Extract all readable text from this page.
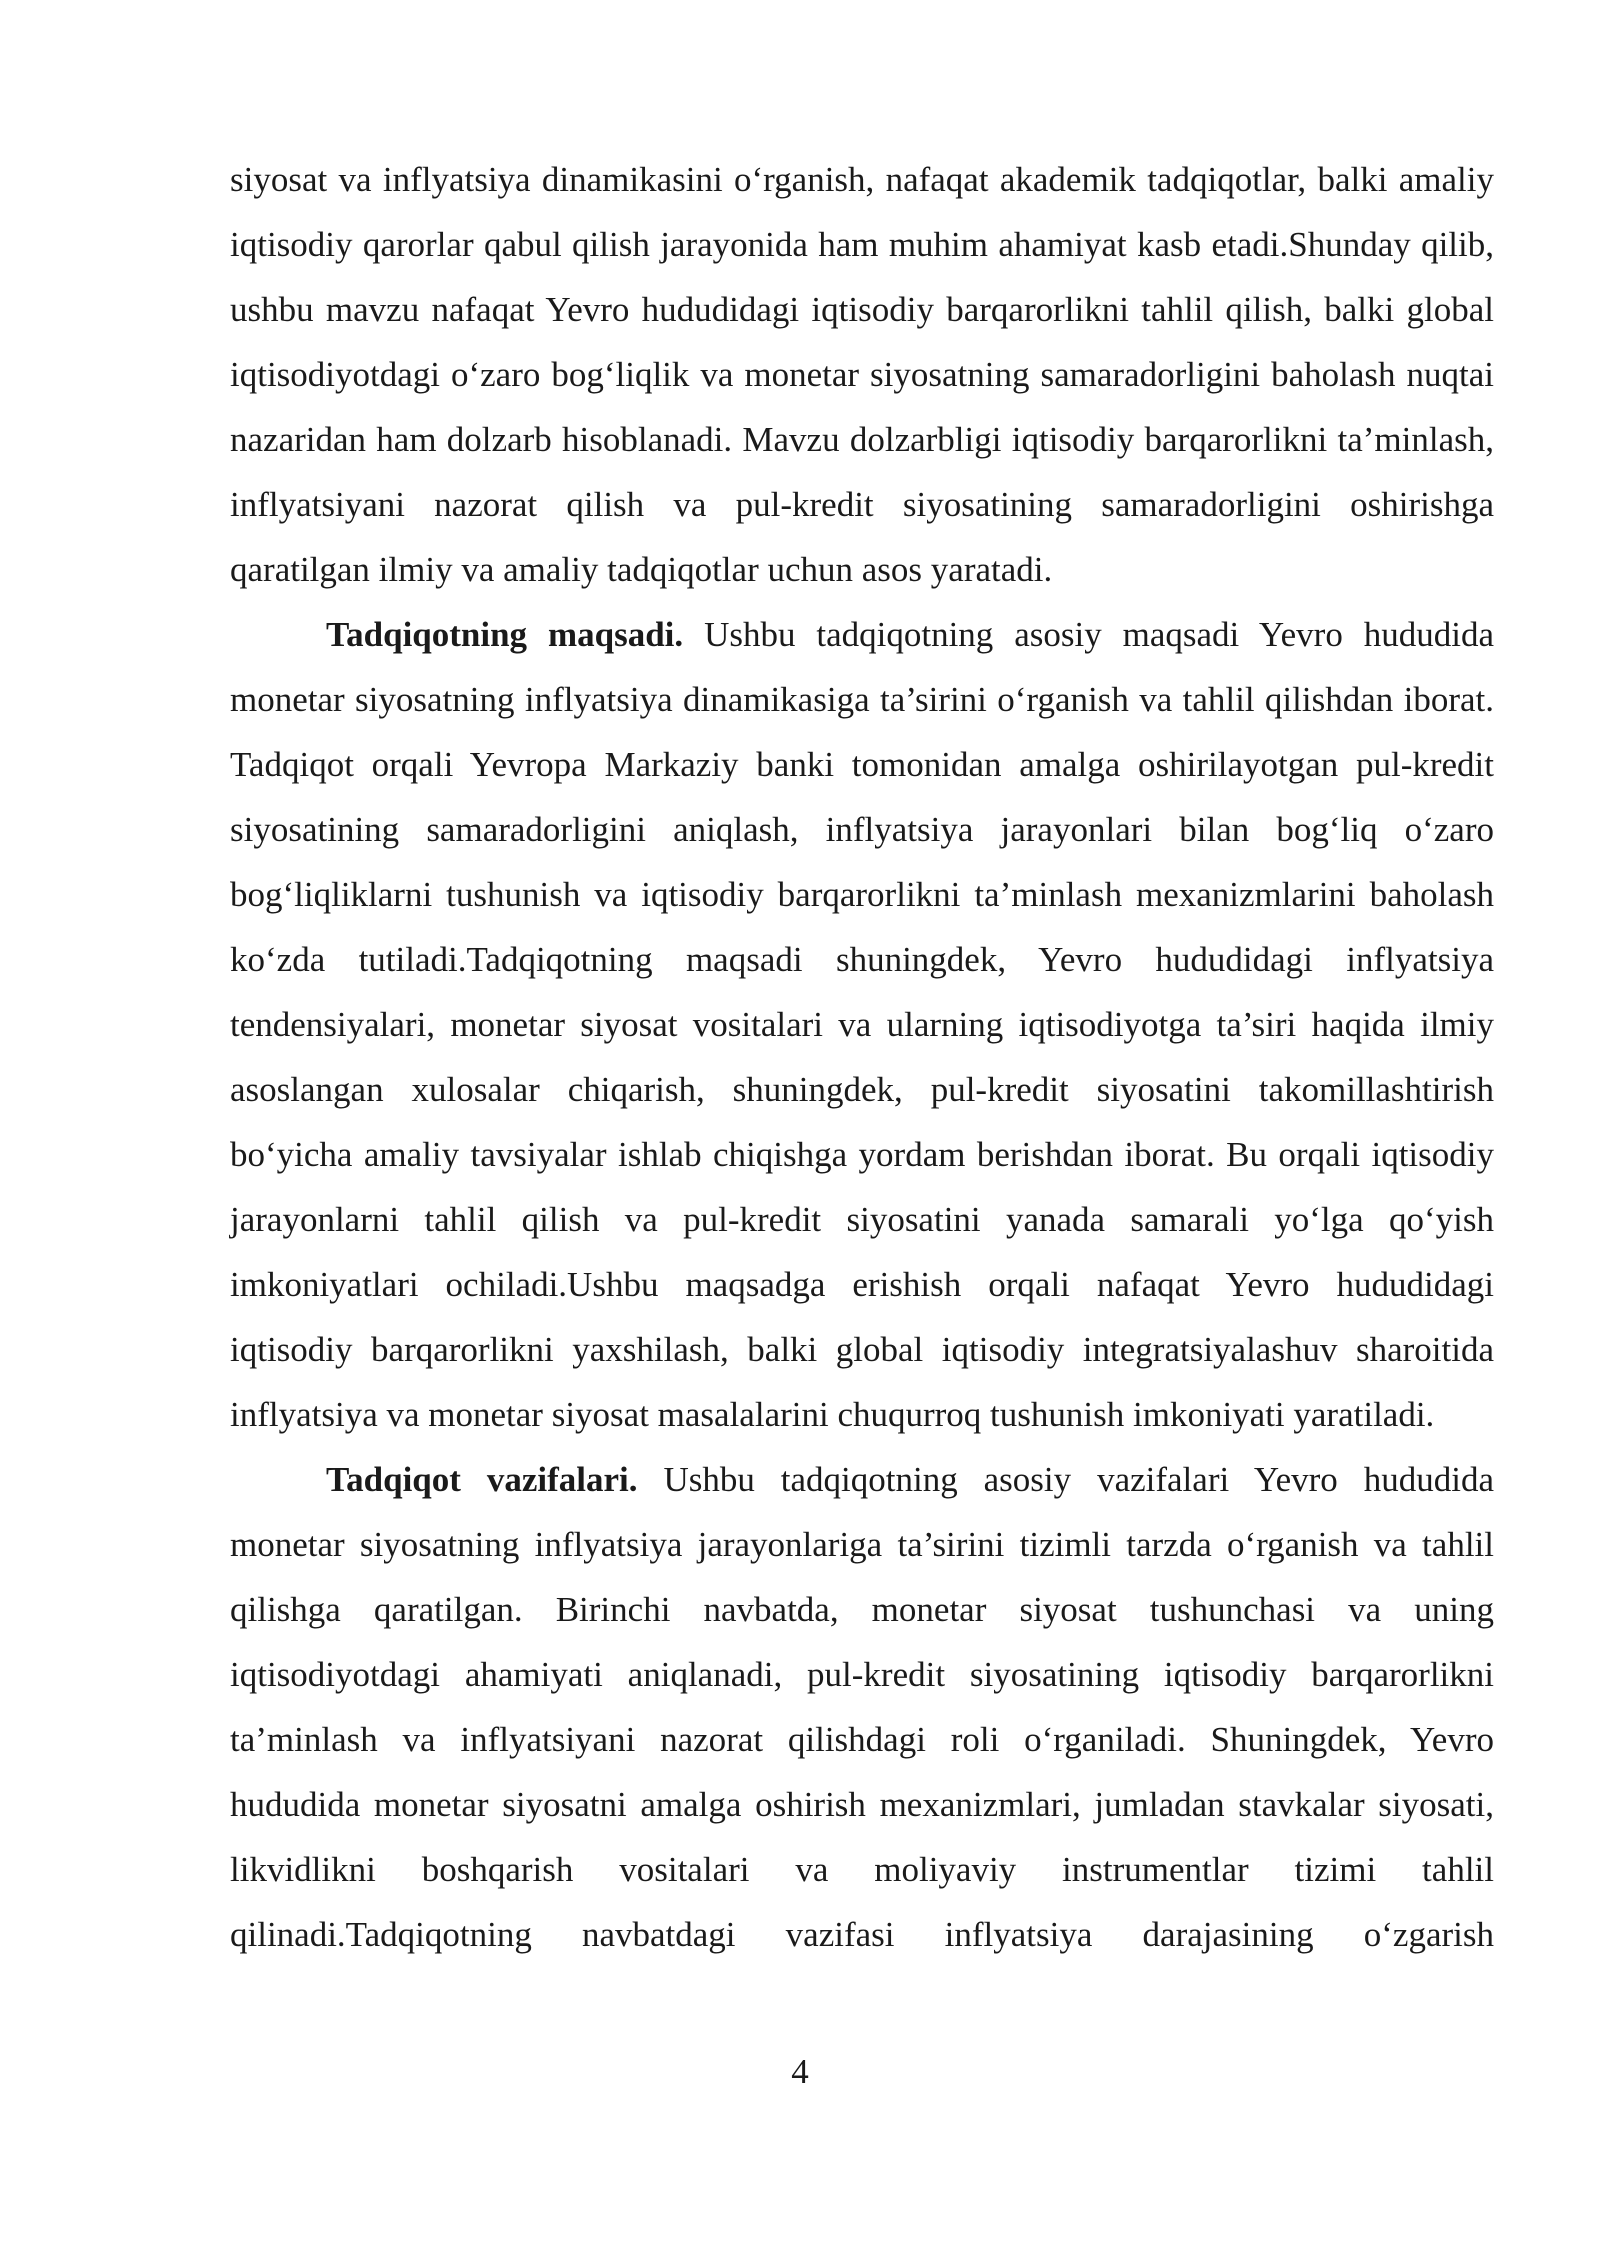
siyosat va inflyatsiya dinamikasini o‘rganish, nafaqat akademik tadqiqotlar, balki amaliy iqtisodiy qarorlar qabul qilish jarayonida ham muhim ahamiyat kasb etadi.Shunday qilib, ushbu mavzu nafaqat Yevro hududidagi iqtisodiy barqarorlikni tahlil qilish, balki global iqtisodiyotdagi o‘zaro bog‘liqlik va monetar siyosatning samaradorligini baholash nuqtai nazaridan ham dolzarb hisoblanadi. Mavzu dolzarbligi iqtisodiy barqarorlikni ta’minlash, inflyatsiyani nazorat qilish va pul-kredit siyosatining samaradorligini oshirishga qaratilgan ilmiy va amaliy tadqiqotlar uchun asos yaratadi.

Tadqiqotning maqsadi. Ushbu tadqiqotning asosiy maqsadi Yevro hududida monetar siyosatning inflyatsiya dinamikasiga ta’sirini o‘rganish va tahlil qilishdan iborat. Tadqiqot orqali Yevropa Markaziy banki tomonidan amalga oshirilayotgan pul-kredit siyosatining samaradorligini aniqlash, inflyatsiya jarayonlari bilan bog‘liq o‘zaro bog‘liqliklarni tushunish va iqtisodiy barqarorlikni ta’minlash mexanizmlarini baholash ko‘zda tutiladi.Tadqiqotning maqsadi shuningdek, Yevro hududidagi inflyatsiya tendensiyalari, monetar siyosat vositalari va ularning iqtisodiyotga ta’siri haqida ilmiy asoslangan xulosalar chiqarish, shuningdek, pul-kredit siyosatini takomillashtirish bo‘yicha amaliy tavsiyalar ishlab chiqishga yordam berishdan iborat. Bu orqali iqtisodiy jarayonlarni tahlil qilish va pul-kredit siyosatini yanada samarali yo‘lga qo‘yish imkoniyatlari ochiladi.Ushbu maqsadga erishish orqali nafaqat Yevro hududidagi iqtisodiy barqarorlikni yaxshilash, balki global iqtisodiy integratsiyalashuv sharoitida inflyatsiya va monetar siyosat masalalarini chuqurroq tushunish imkoniyati yaratiladi.

Tadqiqot vazifalari. Ushbu tadqiqotning asosiy vazifalari Yevro hududida monetar siyosatning inflyatsiya jarayonlariga ta’sirini tizimli tarzda o‘rganish va tahlil qilishga qaratilgan. Birinchi navbatda, monetar siyosat tushunchasi va uning iqtisodiyotdagi ahamiyati aniqlanadi, pul-kredit siyosatining iqtisodiy barqarorlikni ta’minlash va inflyatsiyani nazorat qilishdagi roli o‘rganiladi. Shuningdek, Yevro hududida monetar siyosatni amalga oshirish mexanizmlari, jumladan stavkalar siyosati, likvidlikni boshqarish vositalari va moliyaviy instrumentlar tizimi tahlil qilinadi.Tadqiqotning navbatdagi vazifasi inflyatsiya darajasining o‘zgarish

4
